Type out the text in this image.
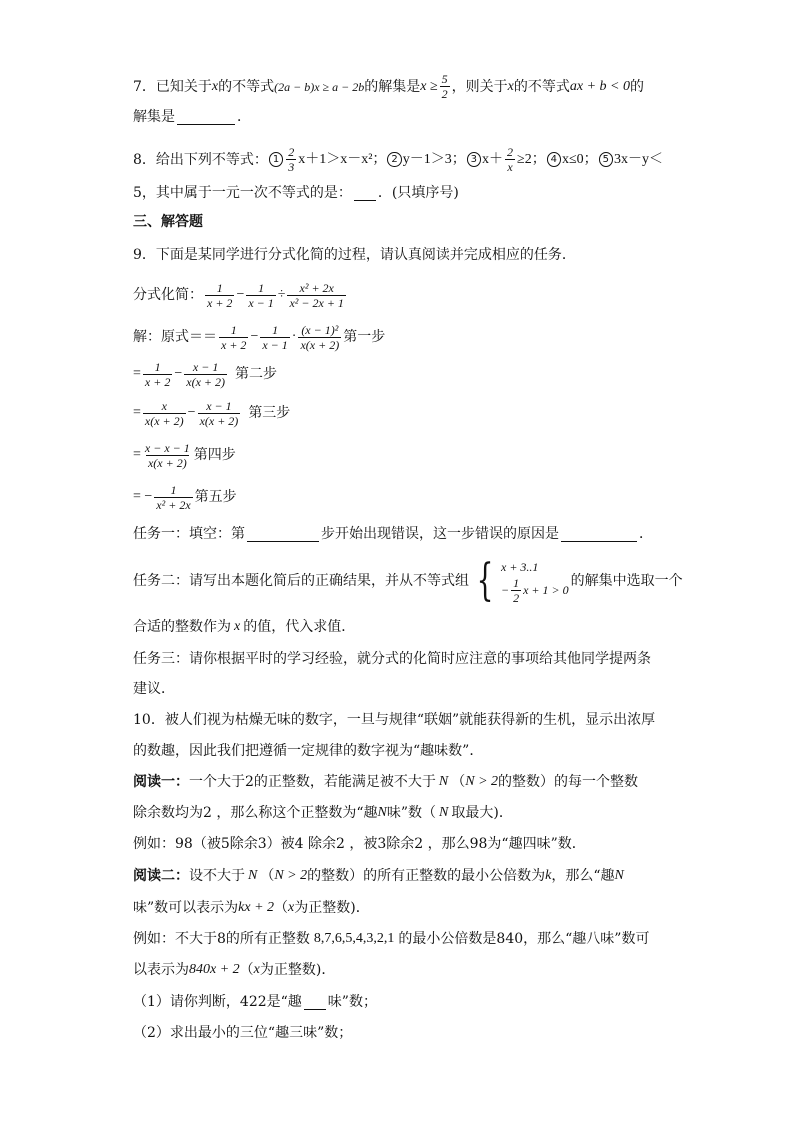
7．已知关于 x 的不等式 (2a − b)x ≥ a − 2b 的解集是 $x \ge \frac{5}{2}$ ，则关于 x 的不等式 ax + b < 0 的
解集是	．
8．给出下列不等式： $1 \frac{2}{3} x+1>x-x^2$； 2 y－1＞3； 3 $x+ \frac{2}{x} \ge 2$； 4 x≤0； 5 3x－y＜
5，其中属于一元一次不等式的是： ．(只填序号)
三、解答题
9．下面是某同学进行分式化简的过程，请认真阅读并完成相应的任务．
分式化简： $\frac{1}{x + 2} - \frac{1}{x - 1} \div \frac{\text{x² + 2x}}{\text{x² − 2x + 1}}$
解：原式＝＝ $\frac{1}{x + 2} - \frac{1}{x - 1} \cdot \frac{\text{(x − 1)²}}{x(x + 2)}$ 第一步
= $\frac{1}{x + 2} - \frac{x - 1}{x(x + 2)}$ 第二步
= $\frac{x}{x(x + 2)} - \frac{x - 1}{x(x + 2)}$ 第三步
= $\frac{x - x - 1}{x(x + 2)}$ 第四步
= − $\frac{1}{\text{x² + 2x}}$ 第五步
任务一：填空：第	步开始出现错误，这一步错误的原因是	．
任务二：请写出本题化简后的正确结果，并从不等式组 { x + 3..1
− $\frac{1}{2}$ x + 1 > 0
的解集中选取一个
合适的整数作为 x 的值，代入求值．
任务三：请你根据平时的学习经验，就分式的化简时应注意的事项给其他同学提两条
建议．
10．被人们视为枯燥无味的数字，一旦与规律“联姻”就能获得新的生机，显示出浓厚
的数趣，因此我们把遵循一定规律的数字视为“趣味数”．
阅读一： 一个大于2的正整数，若能满足被不大于 N （ N > 2 的整数）的每一个整数
除余数均为2 ，那么称这个正整数为“趣 N 味”数（ N 取最大)．
例如：98（被5除余3）被4 除余2 ，被3除余2 ，那么98为“趣四味”数．
阅读二： 设不大于 N （ N > 2 的整数）的所有正整数的最小公倍数为 k ，那么“趣 N
味”数可以表示为 kx + 2 （ x 为正整数)．
例如：不大于8的所有正整数 8,7,6,5,4,3,2,1 的最小公倍数是840，那么“趣八味”数可
以表示为 840x + 2 （ x 为正整数)．
（1）请你判断，422是“趣 味”数；
（2）求出最小的三位“趣三味”数；
